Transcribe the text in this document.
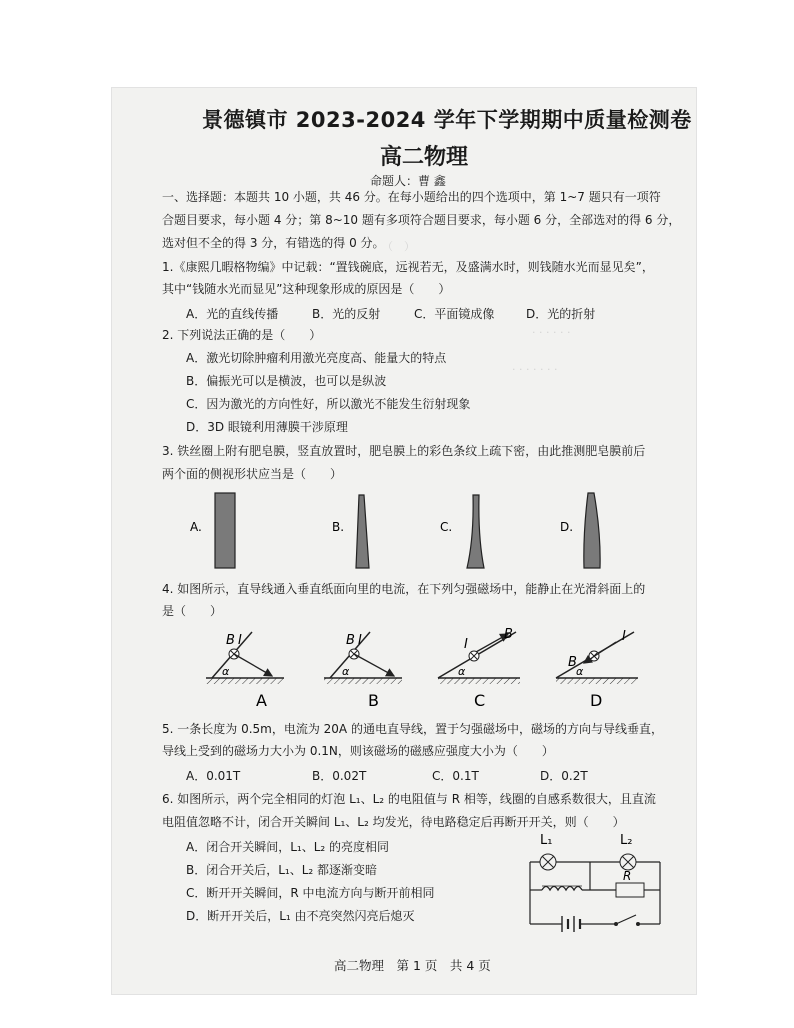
（　）　　　　　　　　　　
· · · · · ·
· · · · · · ·
景德镇市 2023-2024 学年下学期期中质量检测卷
高二物理
命题人：曹 鑫
一、选择题：本题共 10 小题，共 46 分。在每小题给出的四个选项中，第 1~7 题只有一项符
合题目要求，每小题 4 分；第 8~10 题有多项符合题目要求，每小题 6 分，全部选对的得 6 分，
选对但不全的得 3 分，有错选的得 0 分。
1.《康熙几暇格物编》中记载：“置钱碗底，远视若无，及盛满水时，则钱随水光而显见矣”，
其中“钱随水光而显见”这种现象形成的原因是（　　）
A．光的直线传播	B．光的反射	C．平面镜成像	D．光的折射
2. 下列说法正确的是（　　）
A．激光切除肿瘤利用激光亮度高、能量大的特点
B．偏振光可以是横波，也可以是纵波
C．因为激光的方向性好，所以激光不能发生衍射现象
D．3D 眼镜利用薄膜干涉原理
3. 铁丝圈上附有肥皂膜，竖直放置时，肥皂膜上的彩色条纹上疏下密，由此推测肥皂膜前后
两个面的侧视形状应当是（　　）
A.	B.	C.	D.
4. 如图所示，直导线通入垂直纸面向里的电流，在下列匀强磁场中，能静止在光滑斜面上的
是（　　）
B I
α
A
B I
α
B
B
I
α
C
B
I
α
D
5. 一条长度为 0.5m，电流为 20A 的通电直导线，置于匀强磁场中，磁场的方向与导线垂直，
导线上受到的磁场力大小为 0.1N，则该磁场的磁感应强度大小为（　　）
A．0.01T	B．0.02T	C．0.1T	D．0.2T
6. 如图所示，两个完全相同的灯泡 L₁、L₂ 的电阻值与 R 相等，线圈的自感系数很大，且直流
电阻值忽略不计，闭合开关瞬间 L₁、L₂ 均发光，待电路稳定后再断开开关，则（　　）
A．闭合开关瞬间，L₁、L₂ 的亮度相同
B．闭合开关后，L₁、L₂ 都逐渐变暗
C．断开开关瞬间，R 中电流方向与断开前相同
D．断开开关后，L₁ 由不亮突然闪亮后熄灭
L₁	L₂
R
高二物理　第 1 页　共 4 页
